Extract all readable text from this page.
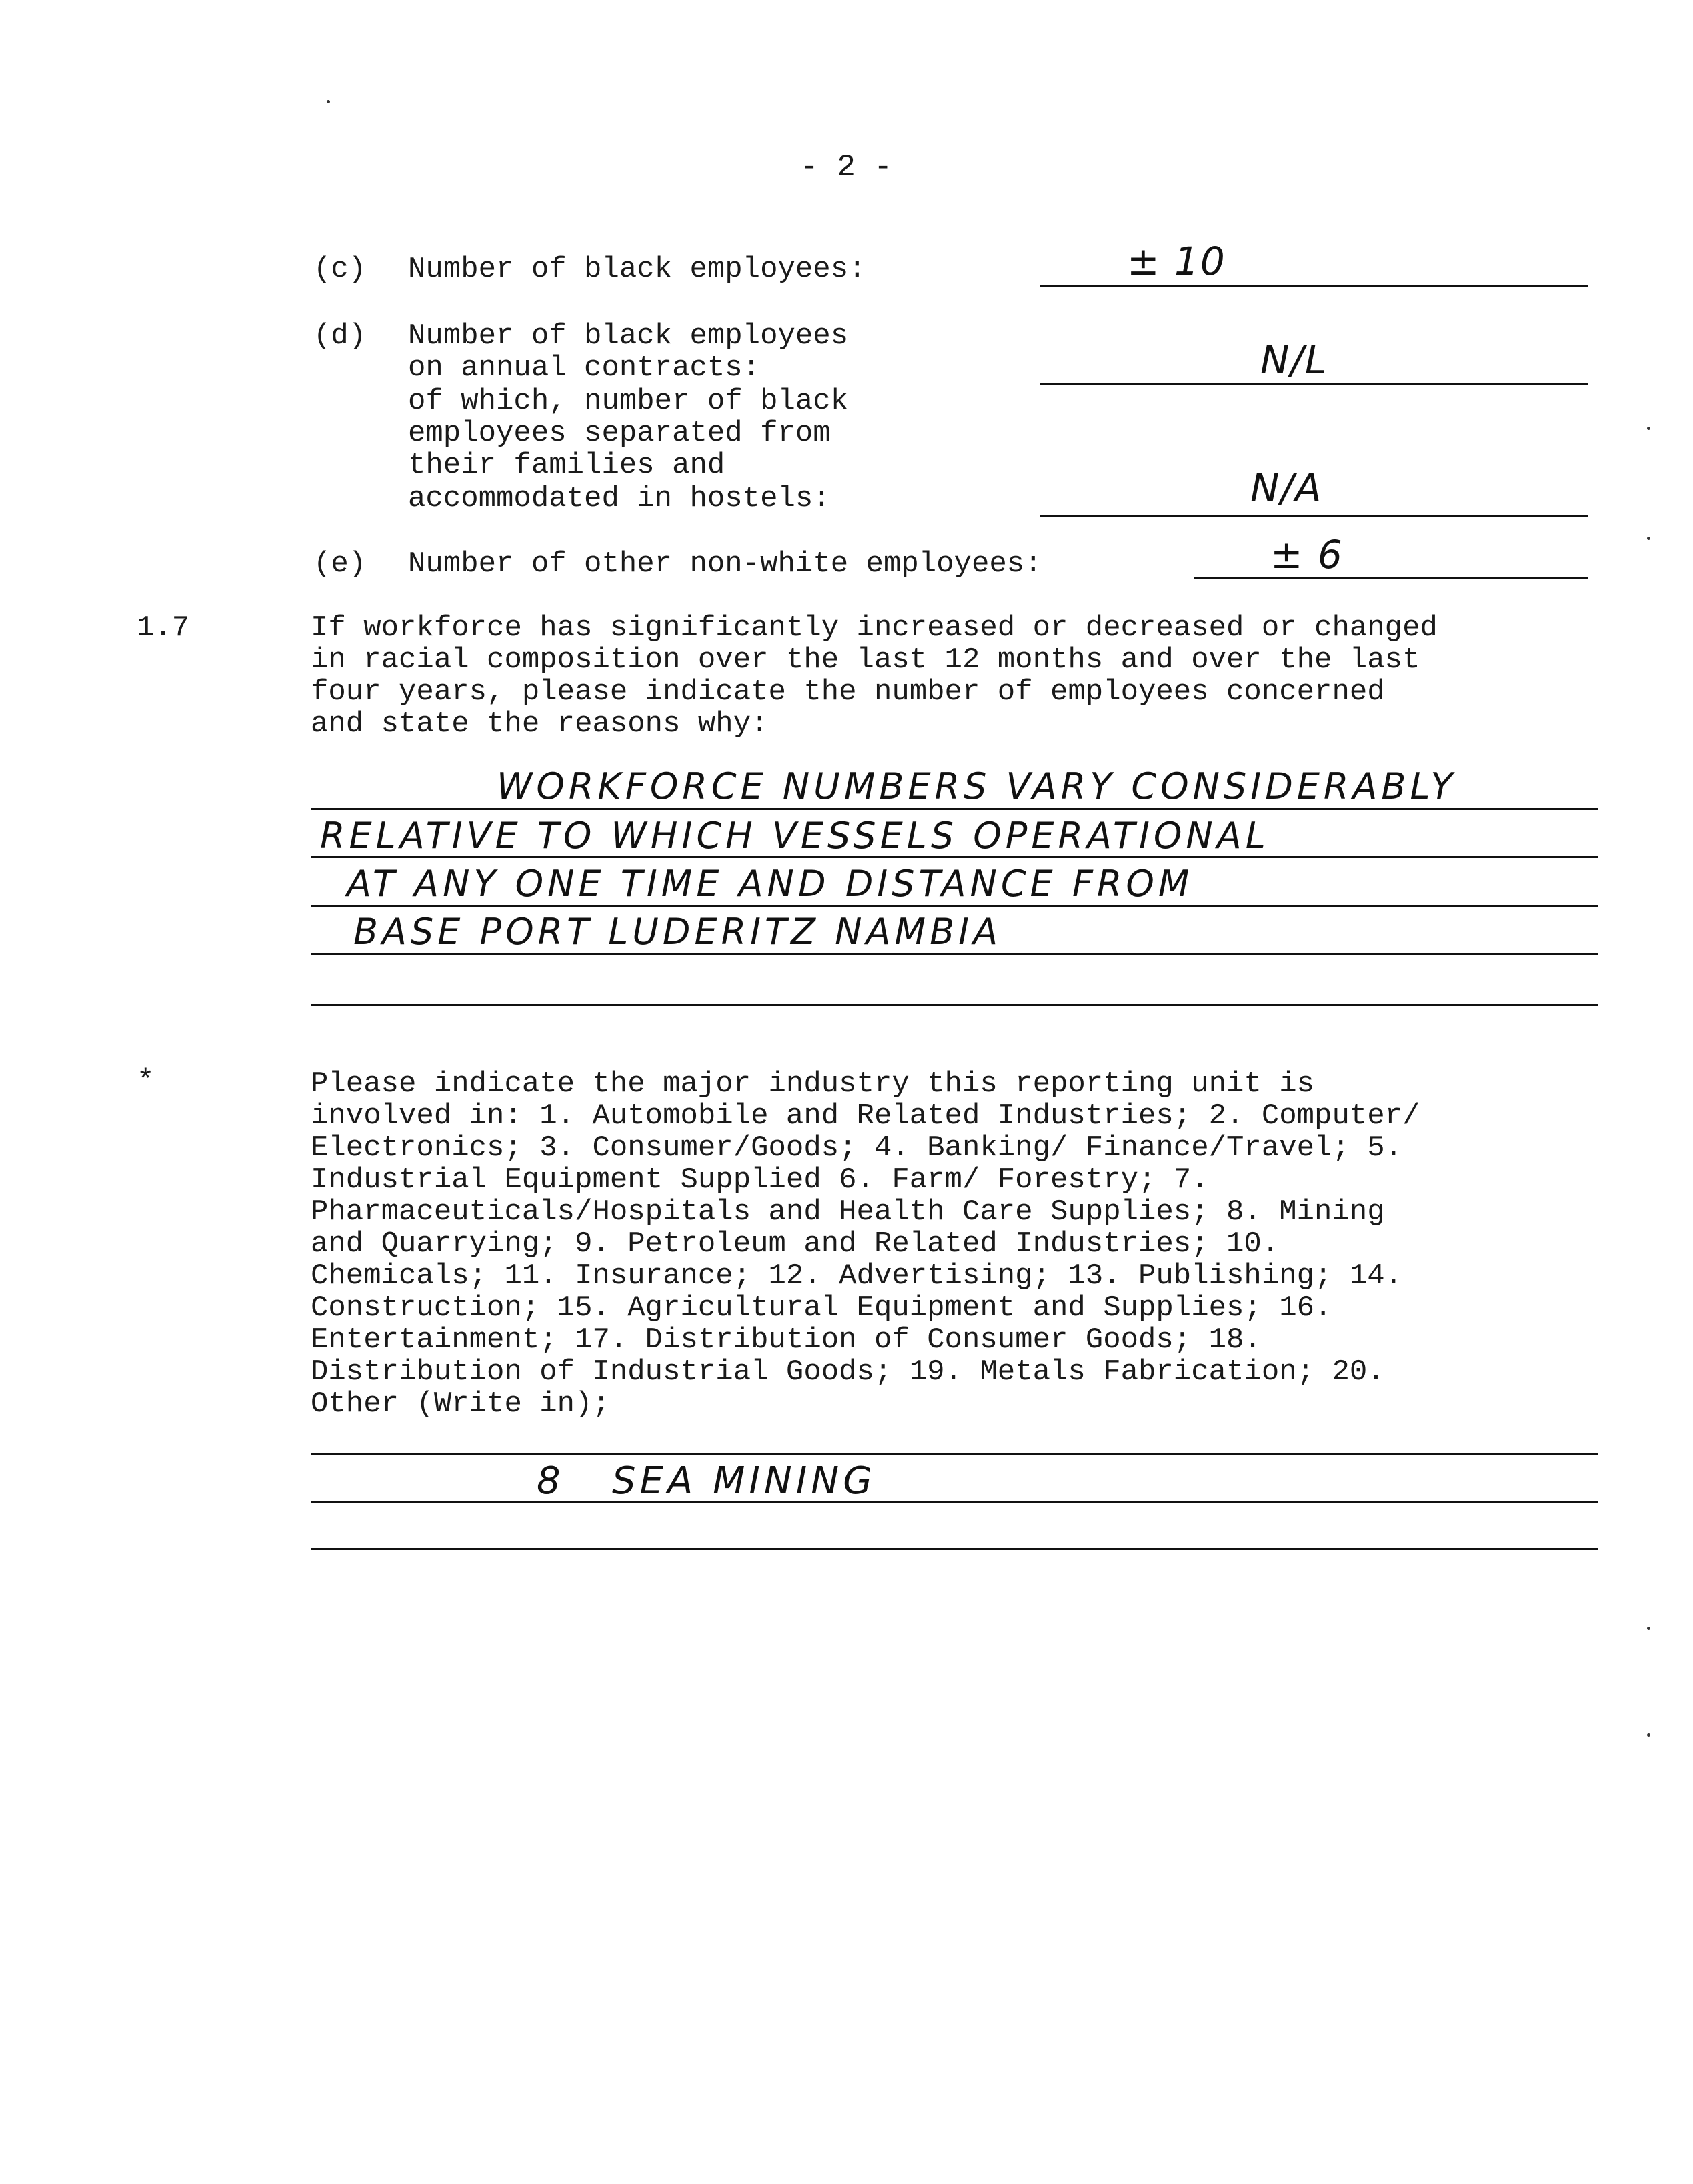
- 2 -
(c) Number of black employees:	± 10
(d) Number of black employees
on annual contracts:	N/L
of which, number of black
employees separated from
their families and
accommodated in hostels:	N/A
(e) Number of other non-white employees:	± 6
1.7	If workforce has significantly increased or decreased or changed
in racial composition over the last 12 months and over the last
four years, please indicate the number of employees concerned
and state the reasons why:
WORKFORCE NUMBERS VARY CONSIDERABLY
RELATIVE TO WHICH VESSELS OPERATIONAL
AT ANY ONE TIME AND DISTANCE FROM
BASE PORT LUDERITZ NAMBIA
*	Please indicate the major industry this reporting unit is
involved in: 1. Automobile and Related Industries; 2. Computer/
Electronics; 3. Consumer/Goods; 4. Banking/ Finance/Travel; 5.
Industrial Equipment Supplied 6. Farm/ Forestry; 7.
Pharmaceuticals/Hospitals and Health Care Supplies; 8. Mining
and Quarrying; 9. Petroleum and Related Industries; 10.
Chemicals; 11. Insurance; 12. Advertising; 13. Publishing; 14.
Construction; 15. Agricultural Equipment and Supplies; 16.
Entertainment; 17. Distribution of Consumer Goods; 18.
Distribution of Industrial Goods; 19. Metals Fabrication; 20.
Other (Write in);
8   SEA MINING
